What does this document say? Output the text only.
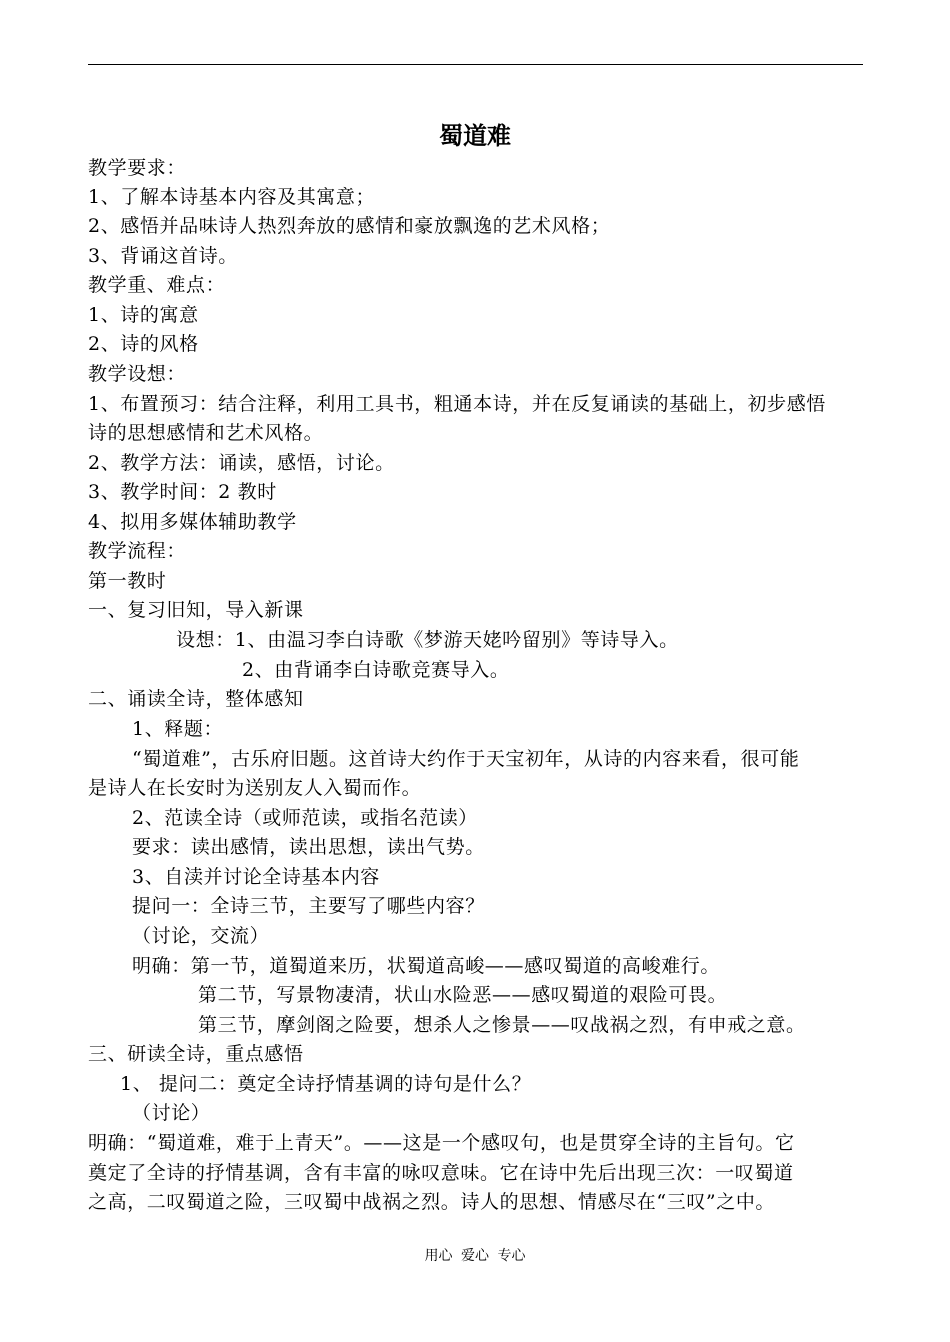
蜀道难
教学要求：
1、了解本诗基本内容及其寓意；
2、感悟并品味诗人热烈奔放的感情和豪放飘逸的艺术风格；
3、背诵这首诗。
教学重、难点：
1、诗的寓意
2、诗的风格
教学设想：
1、布置预习：结合注释，利用工具书，粗通本诗，并在反复诵读的基础上，初步感悟
诗的思想感情和艺术风格。
2、教学方法：诵读，感悟，讨论。
3、教学时间：2 教时
4、拟用多媒体辅助教学
教学流程：
第一教时
一、复习旧知，导入新课
设想：1、由温习李白诗歌《梦游天姥吟留别》等诗导入。
2、由背诵李白诗歌竞赛导入。
二、诵读全诗，整体感知
1、释题：
“蜀道难”，古乐府旧题。这首诗大约作于天宝初年，从诗的内容来看，很可能
是诗人在长安时为送别友人入蜀而作。
2、范读全诗（或师范读，或指名范读）
要求：读出感情，读出思想，读出气势。
3、自渎并讨论全诗基本内容
提问一：全诗三节，主要写了哪些内容？
（讨论，交流）
明确：第一节，道蜀道来历，状蜀道高峻——感叹蜀道的高峻难行。
第二节，写景物凄清，状山水险恶——感叹蜀道的艰险可畏。
第三节，摩剑阁之险要，想杀人之惨景——叹战祸之烈，有申戒之意。
三、研读全诗，重点感悟
1、 提问二：奠定全诗抒情基调的诗句是什么？
（讨论）
明确：“蜀道难，难于上青天”。——这是一个感叹句，也是贯穿全诗的主旨句。它
奠定了全诗的抒情基调，含有丰富的咏叹意味。它在诗中先后出现三次：一叹蜀道
之高，二叹蜀道之险，三叹蜀中战祸之烈。诗人的思想、情感尽在“三叹”之中。
用心 爱心 专心
